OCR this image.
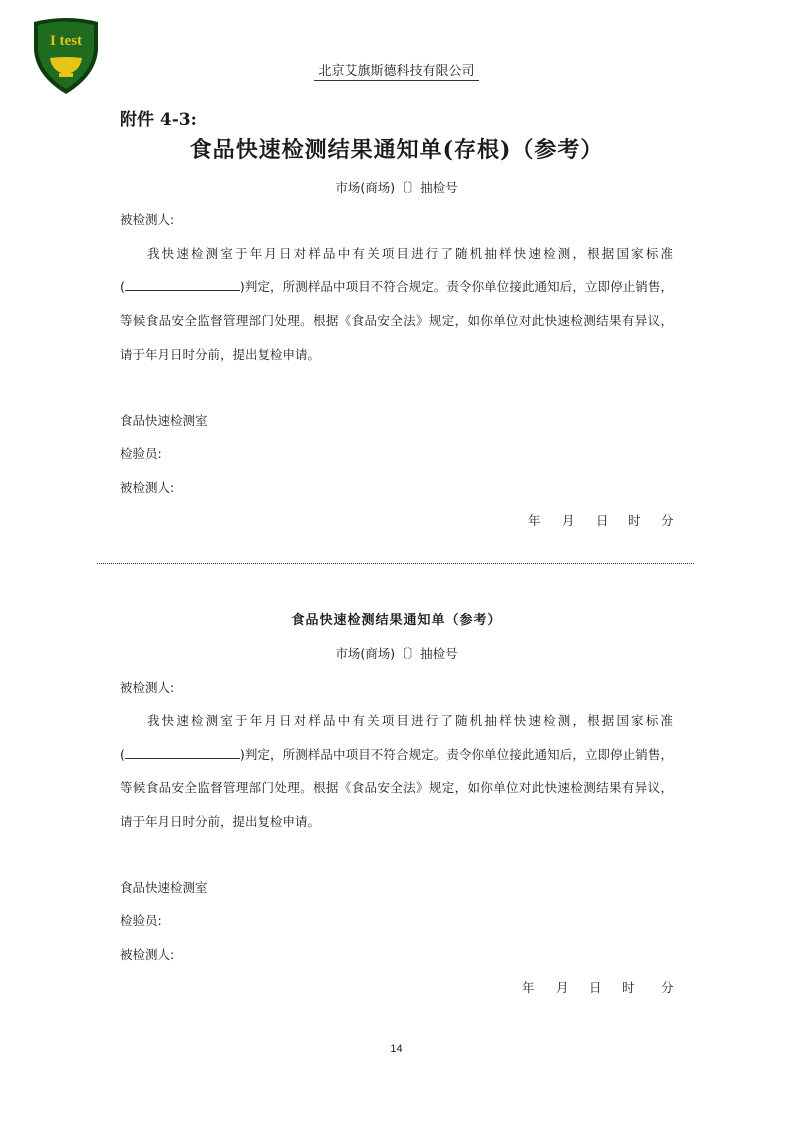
I test
北京艾旗斯德科技有限公司
附件 4-3:
食品快速检测结果通知单(存根)（参考）
市场(商场)〔〕抽检号
被检测人:
我快速检测室于年月日对样品中有关项目进行了随机抽样快速检测，根据国家标准
(	)判定，所测样品中项目不符合规定。责令你单位接此通知后，立即停止销售，
等候食品安全监督管理部门处理。根据《食品安全法》规定，如你单位对此快速检测结果有异议，
请于年月日时分前，提出复检申请。
食品快速检测室
检验员:
被检测人:
年 月 日 时 分
食品快速检测结果通知单（参考）
市场(商场)〔〕抽检号
被检测人:
我快速检测室于年月日对样品中有关项目进行了随机抽样快速检测，根据国家标准
(	)判定，所测样品中项目不符合规定。责令你单位接此通知后，立即停止销售，
等候食品安全监督管理部门处理。根据《食品安全法》规定，如你单位对此快速检测结果有异议，
请于年月日时分前，提出复检申请。
食品快速检测室
检验员:
被检测人:
年 月 日 时 分
14
